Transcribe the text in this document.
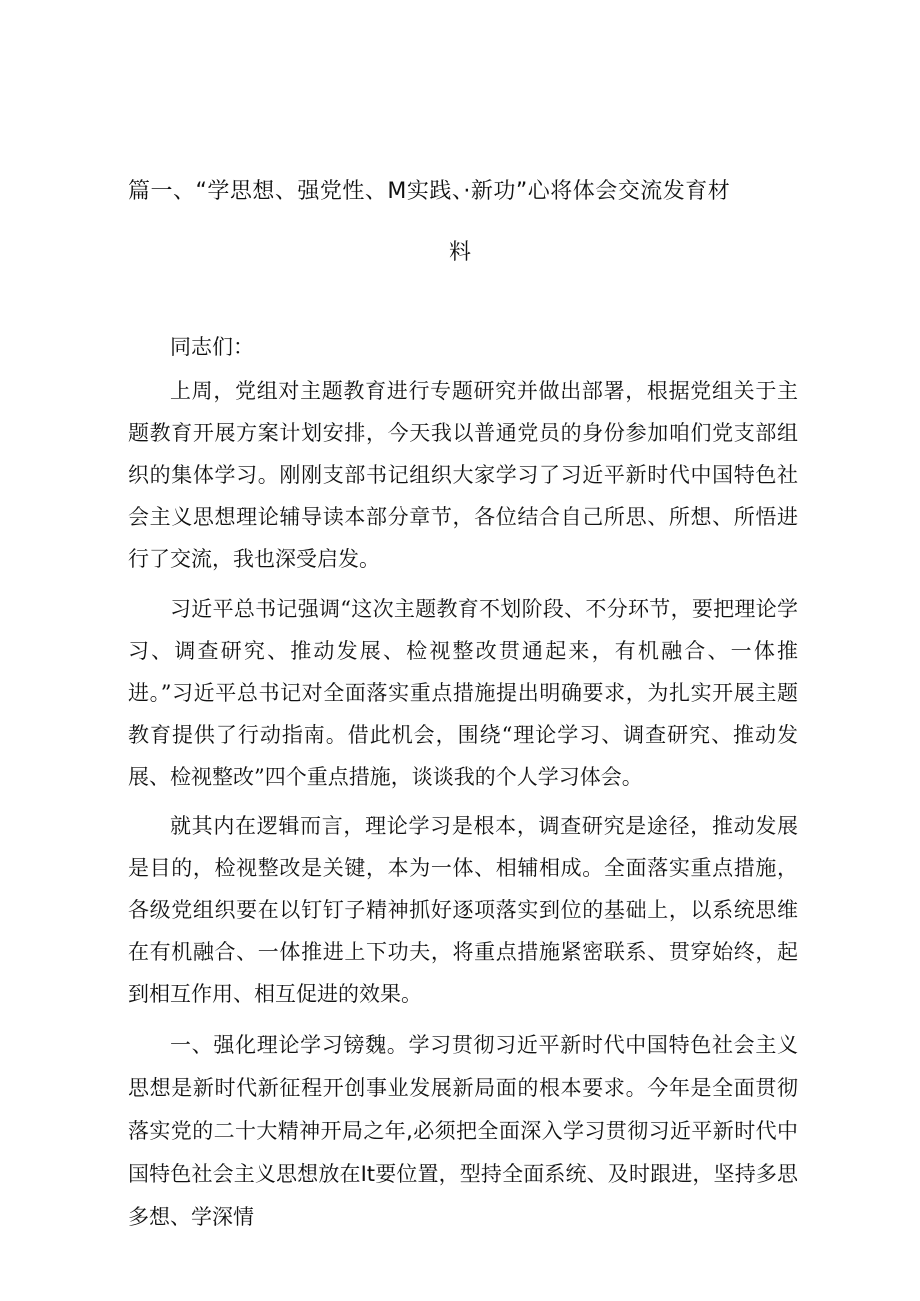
篇一、“学思想、强党性、M实践、·新功”心将体会交流发育材
料
同志们：

上周，党组对主题教育进行专题研究并做出部署，根据党组关于主题教育开展方案计划安排，今天我以普通党员的身份参加咱们党支部组织的集体学习。刚刚支部书记组织大家学习了习近平新时代中国特色社会主义思想理论辅导读本部分章节，各位结合自己所思、所想、所悟进行了交流，我也深受启发。

习近平总书记强调“这次主题教育不划阶段、不分环节，要把理论学习、调查研究、推动发展、检视整改贯通起来，有机融合、一体推进。”习近平总书记对全面落实重点措施提出明确要求，为扎实开展主题教育提供了行动指南。借此机会，围绕“理论学习、调查研究、推动发展、检视整改”四个重点措施，谈谈我的个人学习体会。

就其内在逻辑而言，理论学习是根本，调查研究是途径，推动发展是目的，检视整改是关键，本为一体、相辅相成。全面落实重点措施，各级党组织要在以钉钉子精神抓好逐项落实到位的基础上，以系统思维在有机融合、一体推进上下功夫，将重点措施紧密联系、贯穿始终，起到相互作用、相互促进的效果。

一、强化理论学习镑魏。学习贯彻习近平新时代中国特色社会主义思想是新时代新征程开创事业发展新局面的根本要求。今年是全面贯彻落实党的二十大精神开局之年,必须把全面深入学习贯彻习近平新时代中国特色社会主义思想放在It要位置，型持全面系统、及时跟进，坚持多思多想、学深情
